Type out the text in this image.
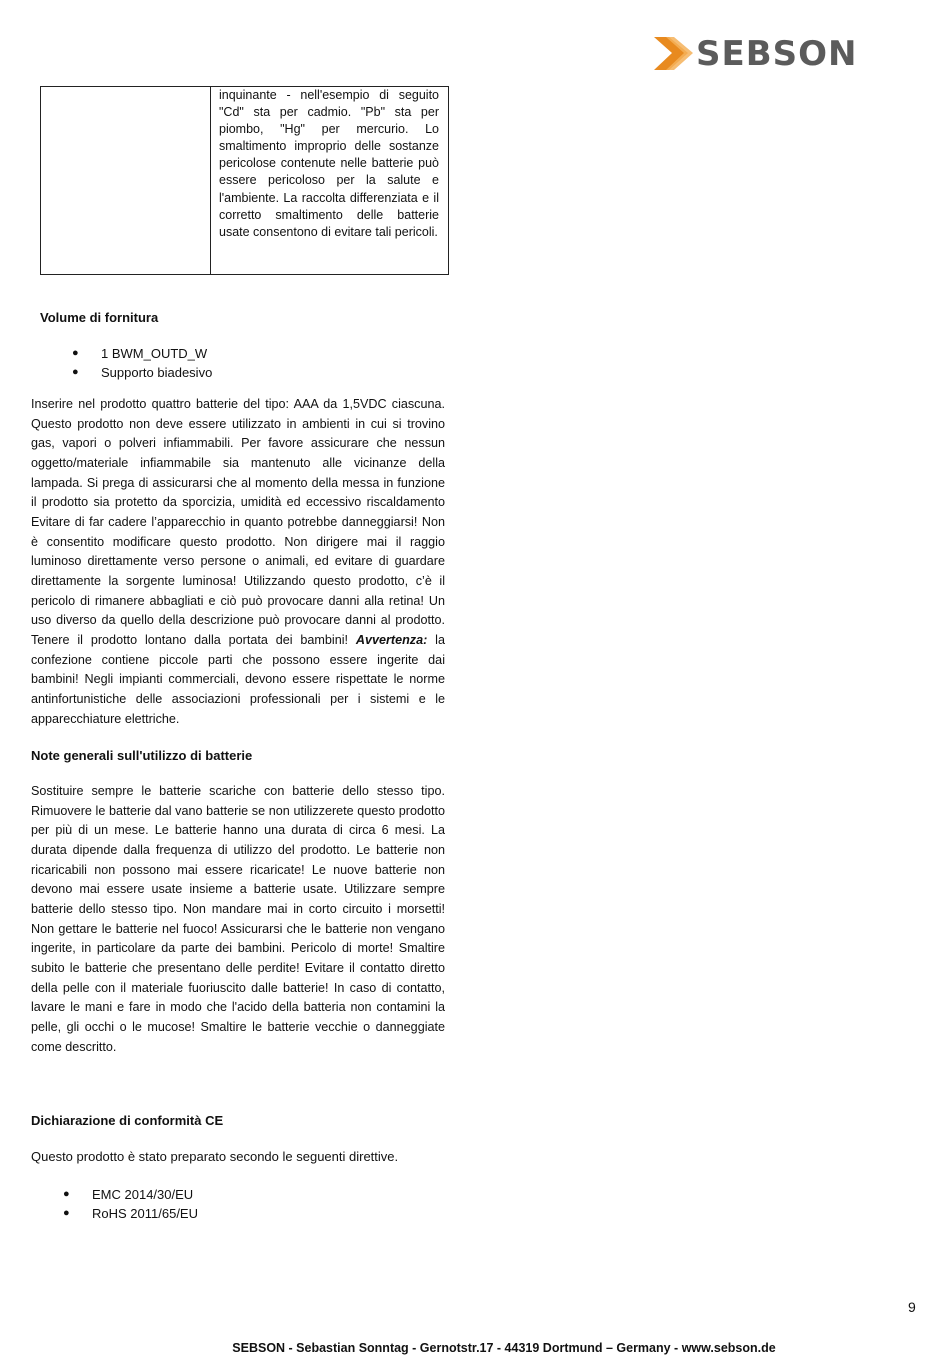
SEBSON
inquinante - nell'esempio di seguito "Cd" sta per cadmio. "Pb" sta per piombo, "Hg" per mercurio. Lo smaltimento improprio delle sostanze pericolose contenute nelle batterie può essere pericoloso per la salute e l'ambiente. La raccolta differenziata e il corretto smaltimento delle batterie usate consentono di evitare tali pericoli.
Volume di fornitura
● 1 BWM_OUTD_W
● Supporto biadesivo

Inserire nel prodotto quattro batterie del tipo: AAA da 1,5VDC ciascuna. Questo prodotto non deve essere utilizzato in ambienti in cui si trovino gas, vapori o polveri infiammabili. Per favore assicurare che nessun oggetto/materiale infiammabile sia mantenuto alle vicinanze della lampada. Si prega di assicurarsi che al momento della messa in funzione il prodotto sia protetto da sporcizia, umidità ed eccessivo riscaldamento Evitare di far cadere l’apparecchio in quanto potrebbe danneggiarsi! Non è consentito modificare questo prodotto. Non dirigere mai il raggio luminoso direttamente verso persone o animali, ed evitare di guardare direttamente la sorgente luminosa! Utilizzando questo prodotto, c’è il pericolo di rimanere abbagliati e ciò può provocare danni alla retina! Un uso diverso da quello della descrizione può provocare danni al prodotto. Tenere il prodotto lontano dalla portata dei bambini! Avvertenza: la confezione contiene piccole parti che possono essere ingerite dai bambini! Negli impianti commerciali, devono essere rispettate le norme antinfortunistiche delle associazioni professionali per i sistemi e le apparecchiature elettriche.

Note generali sull'utilizzo di batterie

Sostituire sempre le batterie scariche con batterie dello stesso tipo. Rimuovere le batterie dal vano batterie se non utilizzerete questo prodotto per più di un mese. Le batterie hanno una durata di circa 6 mesi. La durata dipende dalla frequenza di utilizzo del prodotto. Le batterie non ricaricabili non possono mai essere ricaricate! Le nuove batterie non devono mai essere usate insieme a batterie usate. Utilizzare sempre batterie dello stesso tipo. Non mandare mai in corto circuito i morsetti! Non gettare le batterie nel fuoco! Assicurarsi che le batterie non vengano ingerite, in particolare da parte dei bambini. Pericolo di morte! Smaltire subito le batterie che presentano delle perdite! Evitare il contatto diretto della pelle con il materiale fuoriuscito dalle batterie! In caso di contatto, lavare le mani e fare in modo che l'acido della batteria non contamini la pelle, gli occhi o le mucose! Smaltire le batterie vecchie o danneggiate come descritto.

Dichiarazione di conformità CE
Questo prodotto è stato preparato secondo le seguenti direttive.
● EMC 2014/30/EU
● RoHS 2011/65/EU
9
SEBSON - Sebastian Sonntag - Gernotstr.17 - 44319 Dortmund – Germany - www.sebson.de
